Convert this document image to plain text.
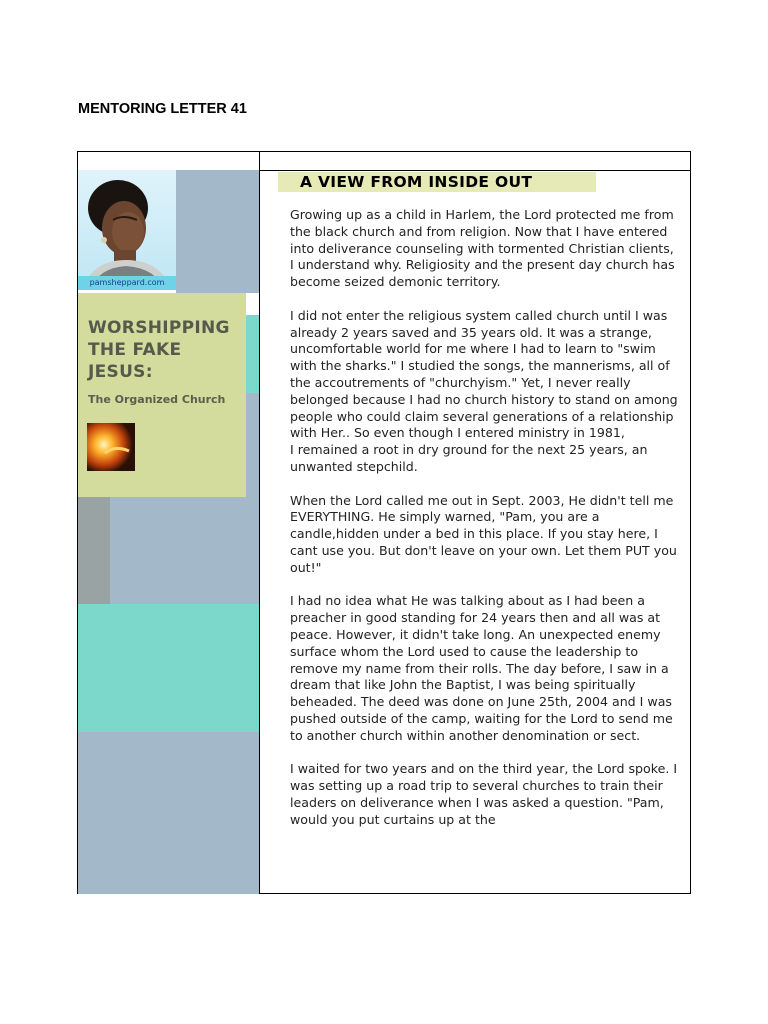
MENTORING LETTER 41
pamsheppard.com
WORSHIPPING THE FAKE JESUS:
The Organized Church
A VIEW FROM INSIDE OUT

Growing up as a child in Harlem, the Lord protected me from the black church and from religion. Now that I have entered into deliverance counseling with tormented Christian clients, I understand why. Religiosity and the present day church has become seized demonic territory.

I did not enter the religious system called church until I was already 2 years saved and 35 years old. It was a strange, uncomfortable world for me where I had to learn to "swim with the sharks." I studied the songs, the mannerisms, all of the accoutrements of "churchyism." Yet, I never really belonged because I had no church history to stand on among people who could claim several generations of a relationship with Her.. So even though I entered ministry in 1981,
I remained a root in dry ground for the next 25 years, an unwanted stepchild.

When the Lord called me out in Sept. 2003, He didn't tell me EVERYTHING. He simply warned, "Pam, you are a candle,hidden under a bed in this place. If you stay here, I cant use you. But don't leave on your own. Let them PUT you out!"

I had no idea what He was talking about as I had been a preacher in good standing for 24 years then and all was at peace. However, it didn't take long. An unexpected enemy surface whom the Lord used to cause the leadership to remove my name from their rolls. The day before, I saw in a dream that like John the Baptist, I was being spiritually beheaded. The deed was done on June 25th, 2004 and I was pushed outside of the camp, waiting for the Lord to send me to another church within another denomination or sect.

I waited for two years and on the third year, the Lord spoke. I was setting up a road trip to several churches to train their leaders on deliverance when I was asked a question. "Pam, would you put curtains up at the
